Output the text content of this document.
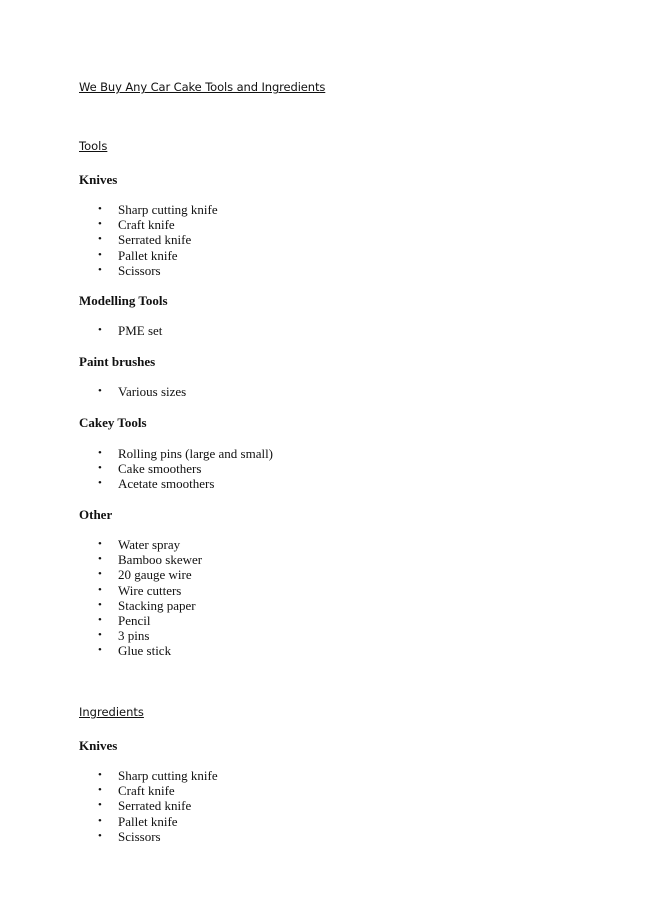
We Buy Any Car Cake Tools and Ingredients
Tools
Knives
• Sharp cutting knife
• Craft knife
• Serrated knife
• Pallet knife
• Scissors
Modelling Tools
• PME set
Paint brushes
• Various sizes
Cakey Tools
• Rolling pins (large and small)
• Cake smoothers
• Acetate smoothers
Other
• Water spray
• Bamboo skewer
• 20 gauge wire
• Wire cutters
• Stacking paper
• Pencil
• 3 pins
• Glue stick
Ingredients
Knives
• Sharp cutting knife
• Craft knife
• Serrated knife
• Pallet knife
• Scissors
